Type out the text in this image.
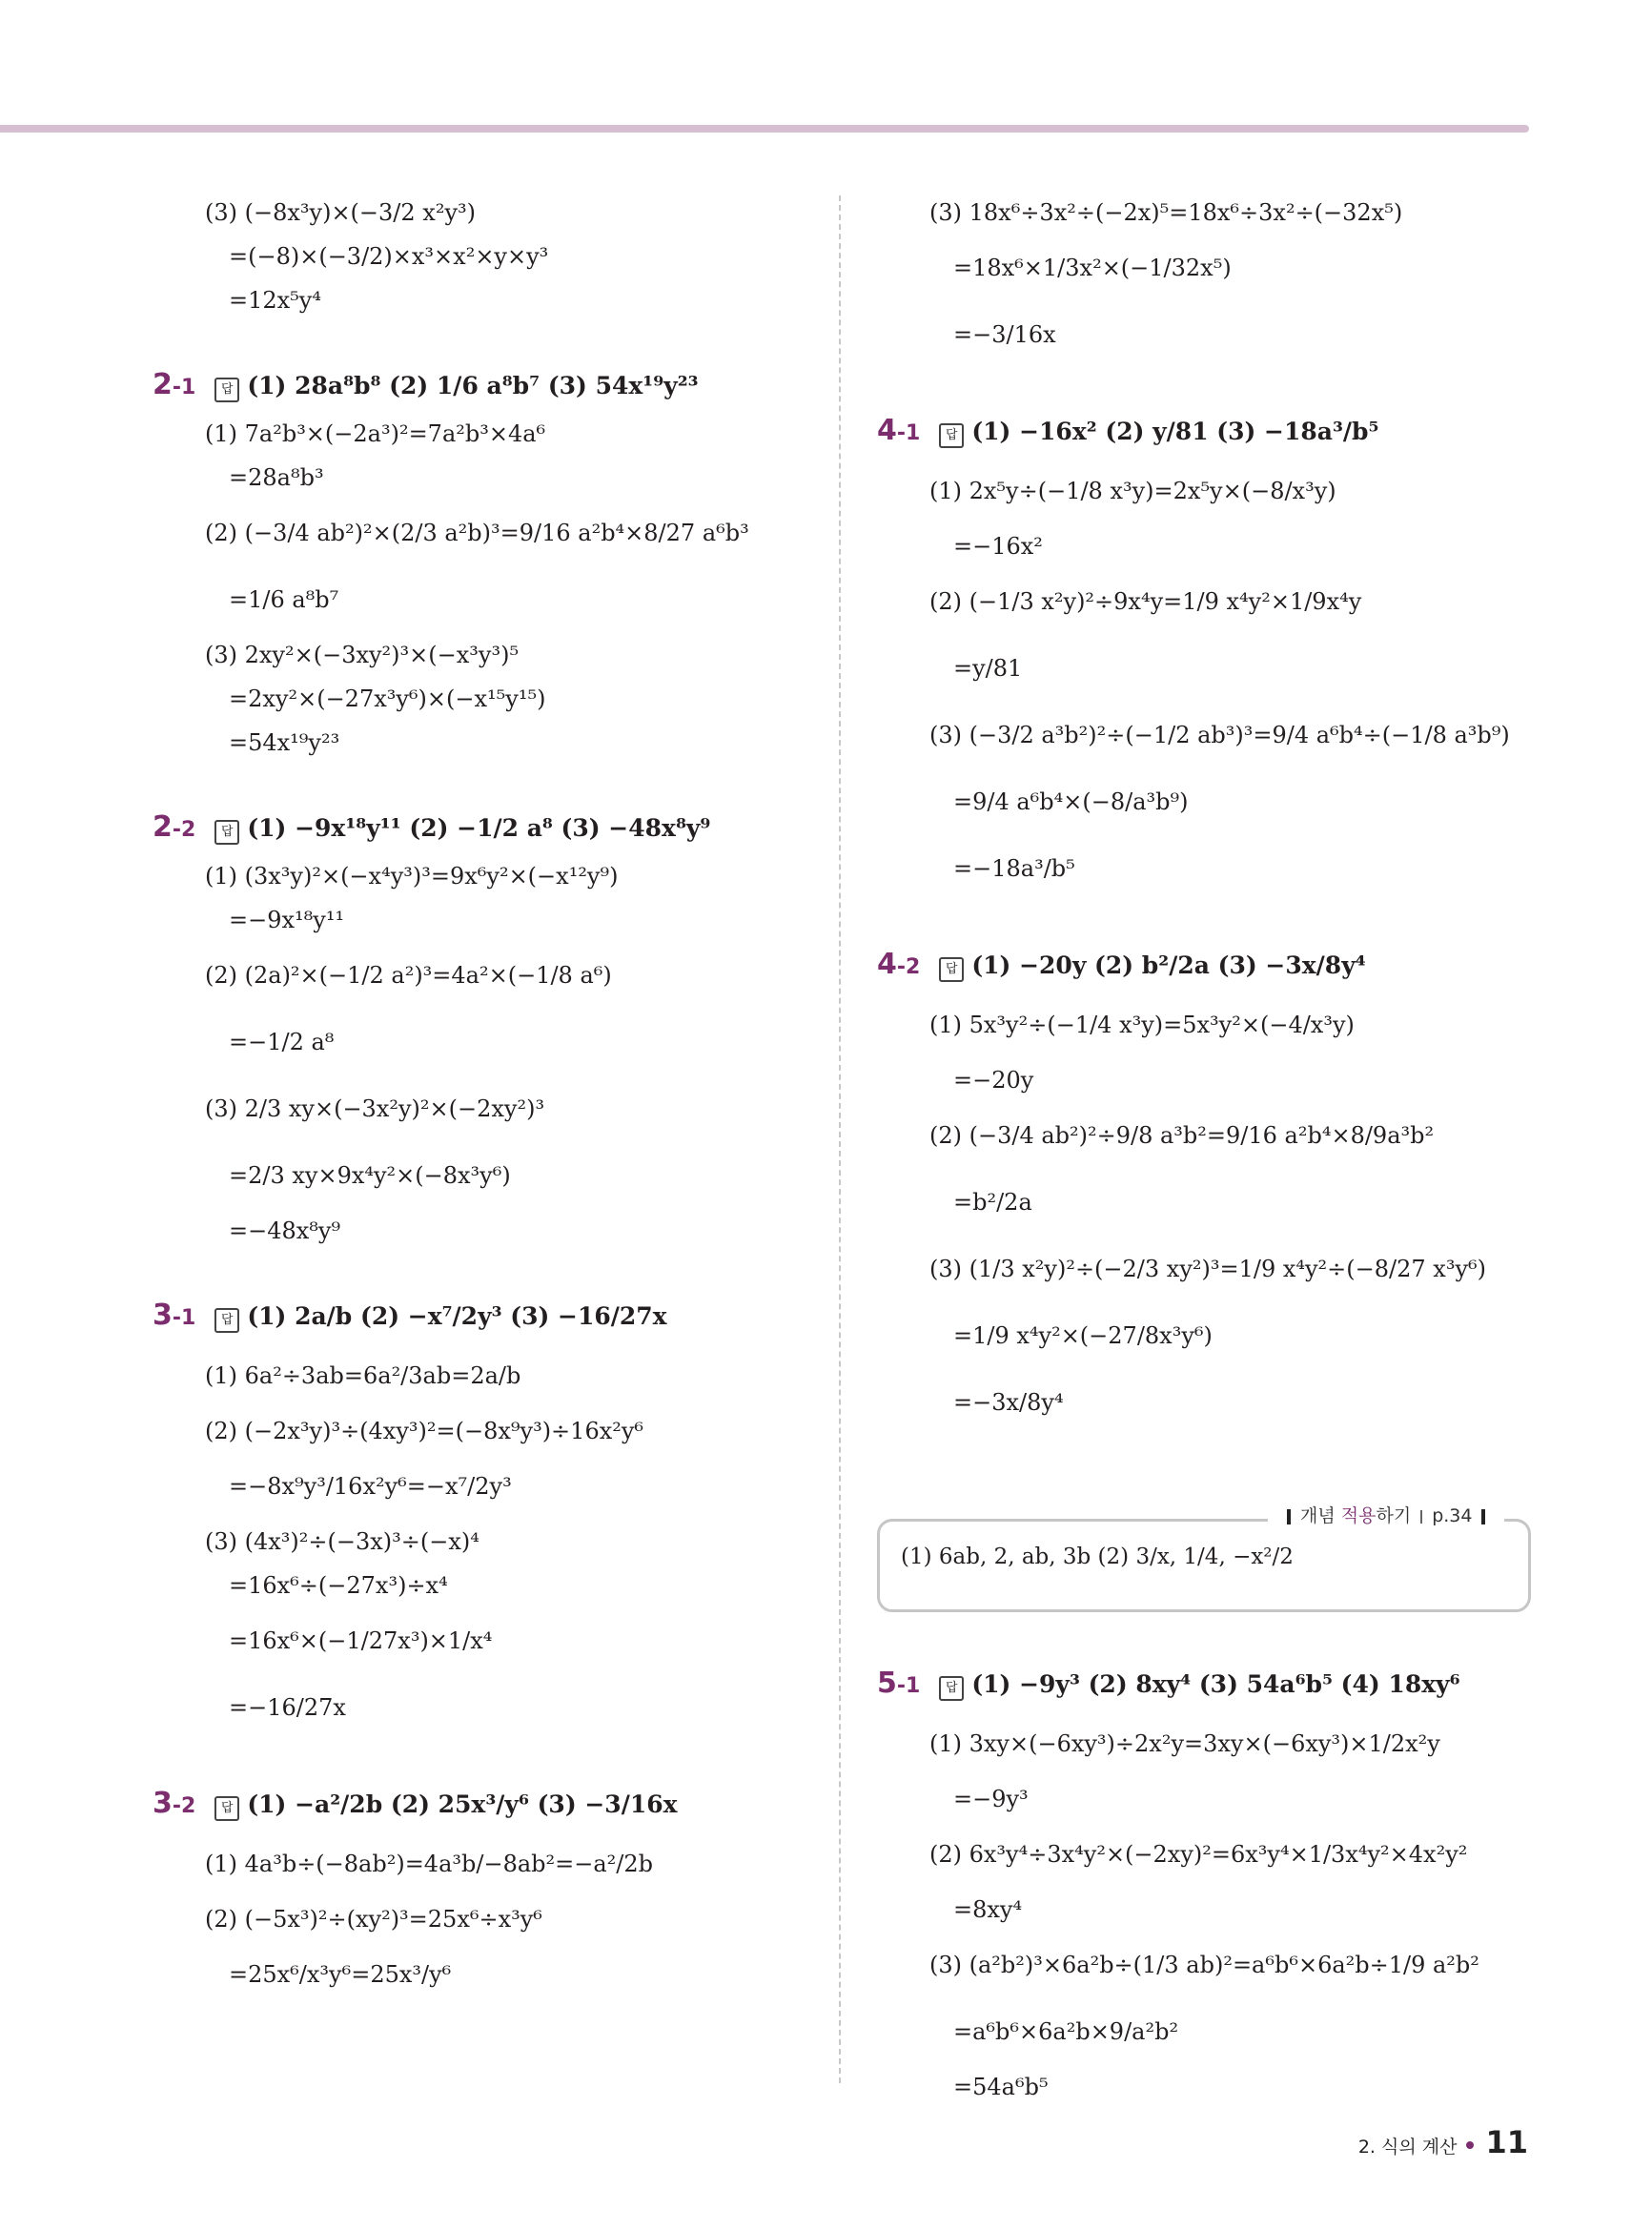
(3) (−8x³y)×(−3/2 x²y³)
=(−8)×(−3/2)×x³×x²×y×y³
=12x⁵y⁴
2-1 답 (1) 28a⁸b⁸ (2) 1/6 a⁸b⁷ (3) 54x¹⁹y²³
(1) 7a²b³×(−2a³)²=7a²b³×4a⁶
=28a⁸b³
(2) (−3/4 ab²)²×(2/3 a²b)³=9/16 a²b⁴×8/27 a⁶b³
=1/6 a⁸b⁷
(3) 2xy²×(−3xy²)³×(−x³y³)⁵
=2xy²×(−27x³y⁶)×(−x¹⁵y¹⁵)
=54x¹⁹y²³
2-2 답 (1) −9x¹⁸y¹¹ (2) −1/2 a⁸ (3) −48x⁸y⁹
(1) (3x³y)²×(−x⁴y³)³=9x⁶y²×(−x¹²y⁹)
=−9x¹⁸y¹¹
(2) (2a)²×(−1/2 a²)³=4a²×(−1/8 a⁶)
=−1/2 a⁸
(3) 2/3 xy×(−3x²y)²×(−2xy²)³
=2/3 xy×9x⁴y²×(−8x³y⁶)
=−48x⁸y⁹
3-1 답 (1) 2a/b (2) −x⁷/2y³ (3) −16/27x
(1) 6a²÷3ab=6a²/3ab=2a/b
(2) (−2x³y)³÷(4xy³)²=(−8x⁹y³)÷16x²y⁶
=−8x⁹y³/16x²y⁶=−x⁷/2y³
(3) (4x³)²÷(−3x)³÷(−x)⁴
=16x⁶÷(−27x³)÷x⁴
=16x⁶×(−1/27x³)×1/x⁴
=−16/27x
3-2 답 (1) −a²/2b (2) 25x³/y⁶ (3) −3/16x
(1) 4a³b÷(−8ab²)=4a³b/−8ab²=−a²/2b
(2) (−5x³)²÷(xy²)³=25x⁶÷x³y⁶
=25x⁶/x³y⁶=25x³/y⁶
(3) 18x⁶÷3x²÷(−2x)⁵=18x⁶÷3x²÷(−32x⁵)
=18x⁶×1/3x²×(−1/32x⁵)
=−3/16x
4-1 답 (1) −16x² (2) y/81 (3) −18a³/b⁵
(1) 2x⁵y÷(−1/8 x³y)=2x⁵y×(−8/x³y)
=−16x²
(2) (−1/3 x²y)²÷9x⁴y=1/9 x⁴y²×1/9x⁴y
=y/81
(3) (−3/2 a³b²)²÷(−1/2 ab³)³=9/4 a⁶b⁴÷(−1/8 a³b⁹)
=9/4 a⁶b⁴×(−8/a³b⁹)
=−18a³/b⁵
4-2 답 (1) −20y (2) b²/2a (3) −3x/8y⁴
(1) 5x³y²÷(−1/4 x³y)=5x³y²×(−4/x³y)
=−20y
(2) (−3/4 ab²)²÷9/8 a³b²=9/16 a²b⁴×8/9a³b²
=b²/2a
(3) (1/3 x²y)²÷(−2/3 xy²)³=1/9 x⁴y²÷(−8/27 x³y⁶)
=1/9 x⁴y²×(−27/8x³y⁶)
=−3x/8y⁴
5-1 답 (1) −9y³ (2) 8xy⁴ (3) 54a⁶b⁵ (4) 18xy⁶
(1) 3xy×(−6xy³)÷2x²y=3xy×(−6xy³)×1/2x²y
=−9y³
(2) 6x³y⁴÷3x⁴y²×(−2xy)²=6x³y⁴×1/3x⁴y²×4x²y²
=8xy⁴
(3) (a²b²)³×6a²b÷(1/3 ab)²=a⁶b⁶×6a²b÷1/9 a²b²
=a⁶b⁶×6a²b×9/a²b²
=54a⁶b⁵
개념 적용하기 p.34
(1) 6ab, 2, ab, 3b (2) 3/x, 1/4, −x²/2
2. 식의 계산 11
